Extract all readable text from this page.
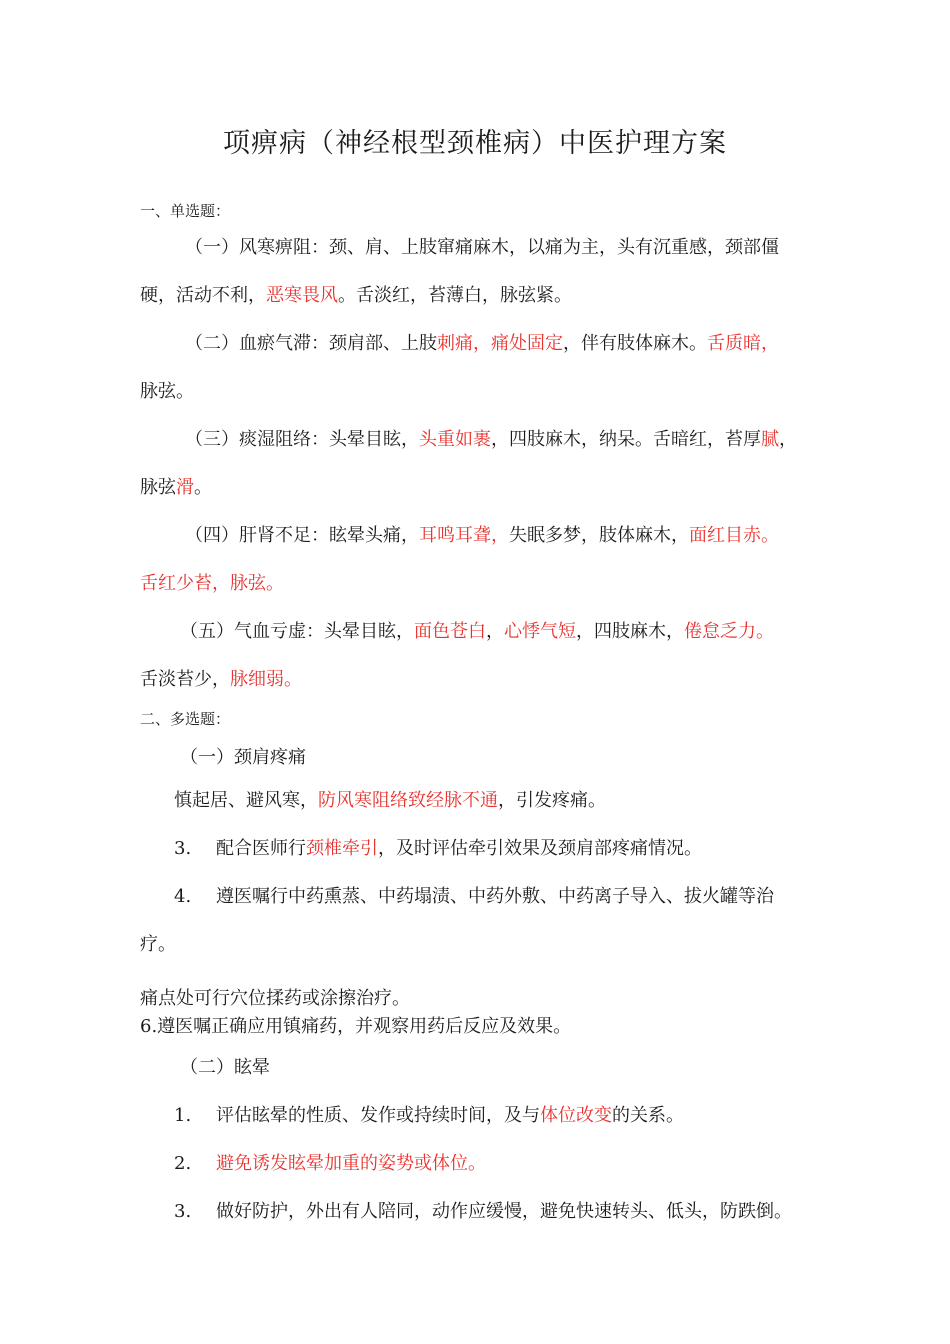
项痹病（神经根型颈椎病）中医护理方案
一、单选题：
（一）风寒痹阻：颈、肩、上肢窜痛麻木，以痛为主，头有沉重感，颈部僵
硬，活动不利，恶寒畏风。舌淡红，苔薄白，脉弦紧。
（二）血瘀气滞：颈肩部、上肢刺痛，痛处固定，伴有肢体麻木。舌质暗，
脉弦。
（三）痰湿阻络：头晕目眩，头重如裹，四肢麻木，纳呆。舌暗红，苔厚腻，
脉弦滑。
（四）肝肾不足：眩晕头痛，耳鸣耳聋，失眠多梦，肢体麻木，面红目赤。
舌红少苔，脉弦。
（五）气血亏虚：头晕目眩，面色苍白，心悸气短，四肢麻木，倦怠乏力。
舌淡苔少，脉细弱。
二、多选题：
（一）颈肩疼痛
慎起居、避风寒，防风寒阻络致经脉不通，引发疼痛。
3. 配合医师行颈椎牵引，及时评估牵引效果及颈肩部疼痛情况。
4. 遵医嘱行中药熏蒸、中药塌渍、中药外敷、中药离子导入、拔火罐等治
疗。
痛点处可行穴位揉药或涂擦治疗。
6.遵医嘱正确应用镇痛药，并观察用药后反应及效果。
（二）眩晕
1. 评估眩晕的性质、发作或持续时间，及与体位改变的关系。
2. 避免诱发眩晕加重的姿势或体位。
3. 做好防护，外出有人陪同，动作应缓慢，避免快速转头、低头，防跌倒。
